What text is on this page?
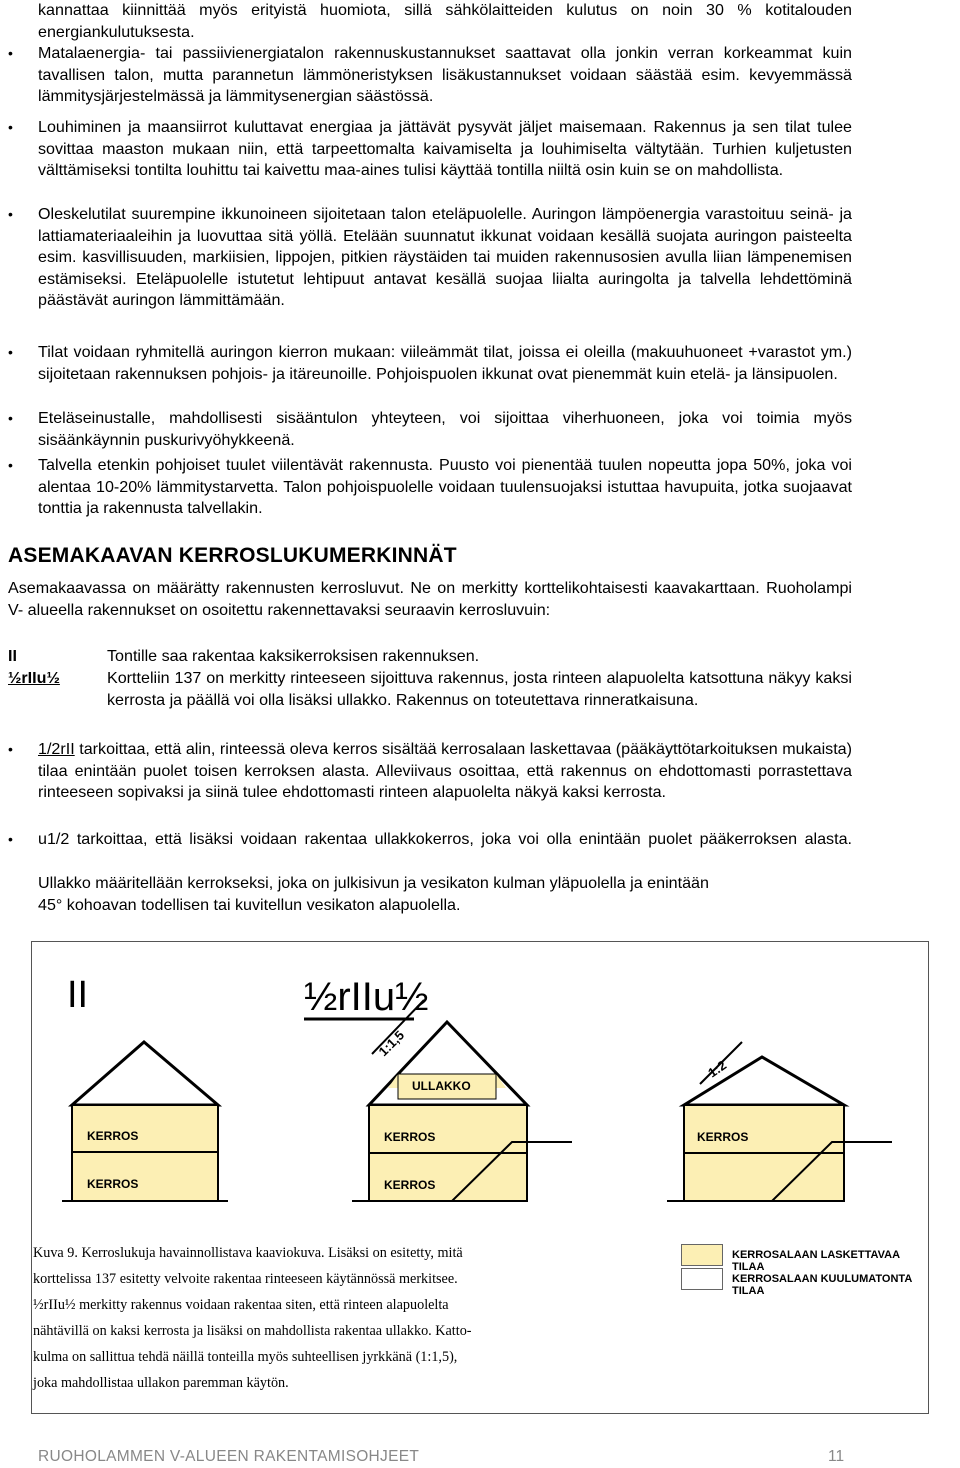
kannattaa kiinnittää myös erityistä huomiota, sillä sähkölaitteiden kulutus on noin 30 % kotitalouden energiankulutuksesta.

• Matalaenergia- tai passiivienergiatalon rakennuskustannukset saattavat olla jonkin verran korkeammat kuin tavallisen talon, mutta parannetun lämmöneristyksen lisäkustannukset voidaan säästää esim. kevyemmässä lämmitysjärjestelmässä ja lämmitysenergian säästössä.

• Louhiminen ja maansiirrot kuluttavat energiaa ja jättävät pysyvät jäljet maisemaan. Rakennus ja sen tilat tulee sovittaa maaston mukaan niin, että tarpeettomalta kaivamiselta ja louhimiselta vältytään. Turhien kuljetusten välttämiseksi tontilta louhittu tai kaivettu maa-aines tulisi käyttää tontilla niiltä osin kuin se on mahdollista.

• Oleskelutilat suurempine ikkunoineen sijoitetaan talon eteläpuolelle. Auringon lämpöenergia varastoituu seinä- ja lattiamateriaaleihin ja luovuttaa sitä yöllä. Etelään suunnatut ikkunat voidaan kesällä suojata auringon paisteelta esim. kasvillisuuden, markiisien, lippojen, pitkien räystäiden tai muiden rakennusosien avulla liian lämpenemisen estämiseksi. Eteläpuolelle istutetut lehtipuut antavat kesällä suojaa liialta auringolta ja talvella lehdettöminä päästävät auringon lämmittämään.

• Tilat voidaan ryhmitellä auringon kierron mukaan: viileämmät tilat, joissa ei oleilla (makuuhuoneet +varastot ym.) sijoitetaan rakennuksen pohjois- ja itäreunoille. Pohjoispuolen ikkunat ovat pienemmät kuin etelä- ja länsipuolen.

• Eteläseinustalle, mahdollisesti sisääntulon yhteyteen, voi sijoittaa viherhuoneen, joka voi toimia myös sisäänkäynnin puskurivyöhykkeenä.

• Talvella etenkin pohjoiset tuulet viilentävät rakennusta. Puusto voi pienentää tuulen nopeutta jopa 50%, joka voi alentaa 10-20% lämmitystarvetta. Talon pohjoispuolelle voidaan tuulensuojaksi istuttaa havupuita, jotka suojaavat tonttia ja rakennusta talvellakin.

ASEMAKAAVAN KERROSLUKUMERKINNÄT

Asemakaavassa on määrätty rakennusten kerrosluvut. Ne on merkitty korttelikohtaisesti kaavakarttaan. Ruoholampi V- alueella rakennukset on osoitettu rakennettavaksi seuraavin kerrosluvuin:

II	Tontille saa rakentaa kaksikerroksisen rakennuksen.

½rIIu½	Kortteliin 137 on merkitty rinteeseen sijoittuva rakennus, josta rinteen alapuolelta katsottuna näkyy kaksi kerrosta ja päällä voi olla lisäksi ullakko. Rakennus on toteutettava rinneratkaisuna.

• 1/2rII tarkoittaa, että alin, rinteessä oleva kerros sisältää kerrosalaan laskettavaa (pääkäyttötarkoituksen mukaista) tilaa enintään puolet toisen kerroksen alasta. Alleviivaus osoittaa, että rakennus on ehdottomasti porrastettava rinteeseen sopivaksi ja siinä tulee ehdottomasti rinteen alapuolelta näkyä kaksi kerrosta.

• u1/2 tarkoittaa, että lisäksi voidaan rakentaa ullakkokerros, joka voi olla enintään puolet pääkerroksen alasta.

Ullakko määritellään kerrokseksi, joka on julkisivun ja vesikaton kulman yläpuolella ja enintään

45° kohoavan todellisen tai kuvitellun vesikaton alapuolella.

II	½rIIu½
KERROS
KERROS
ULLAKKO
KERROS
KERROS
1:1,5
KERROS
1:2
KERROSALAAN LASKETTAVAA TILAA
KERROSALAAN KUULUMATONTA TILAA
Kuva 9. Kerroslukuja havainnollistava kaaviokuva. Lisäksi on esitetty, mitä
korttelissa 137 esitetty velvoite rakentaa rinteeseen käytännössä merkitsee.
½rIIu½ merkitty rakennus voidaan rakentaa siten, että rinteen alapuolelta
nähtävillä on kaksi kerrosta ja lisäksi on mahdollista rakentaa ullakko. Katto-
kulma on sallittua tehdä näillä tonteilla myös suhteellisen jyrkkänä (1:1,5),
joka mahdollistaa ullakon paremman käytön.
RUOHOLAMMEN V-ALUEEN RAKENTAMISOHJEET	11
